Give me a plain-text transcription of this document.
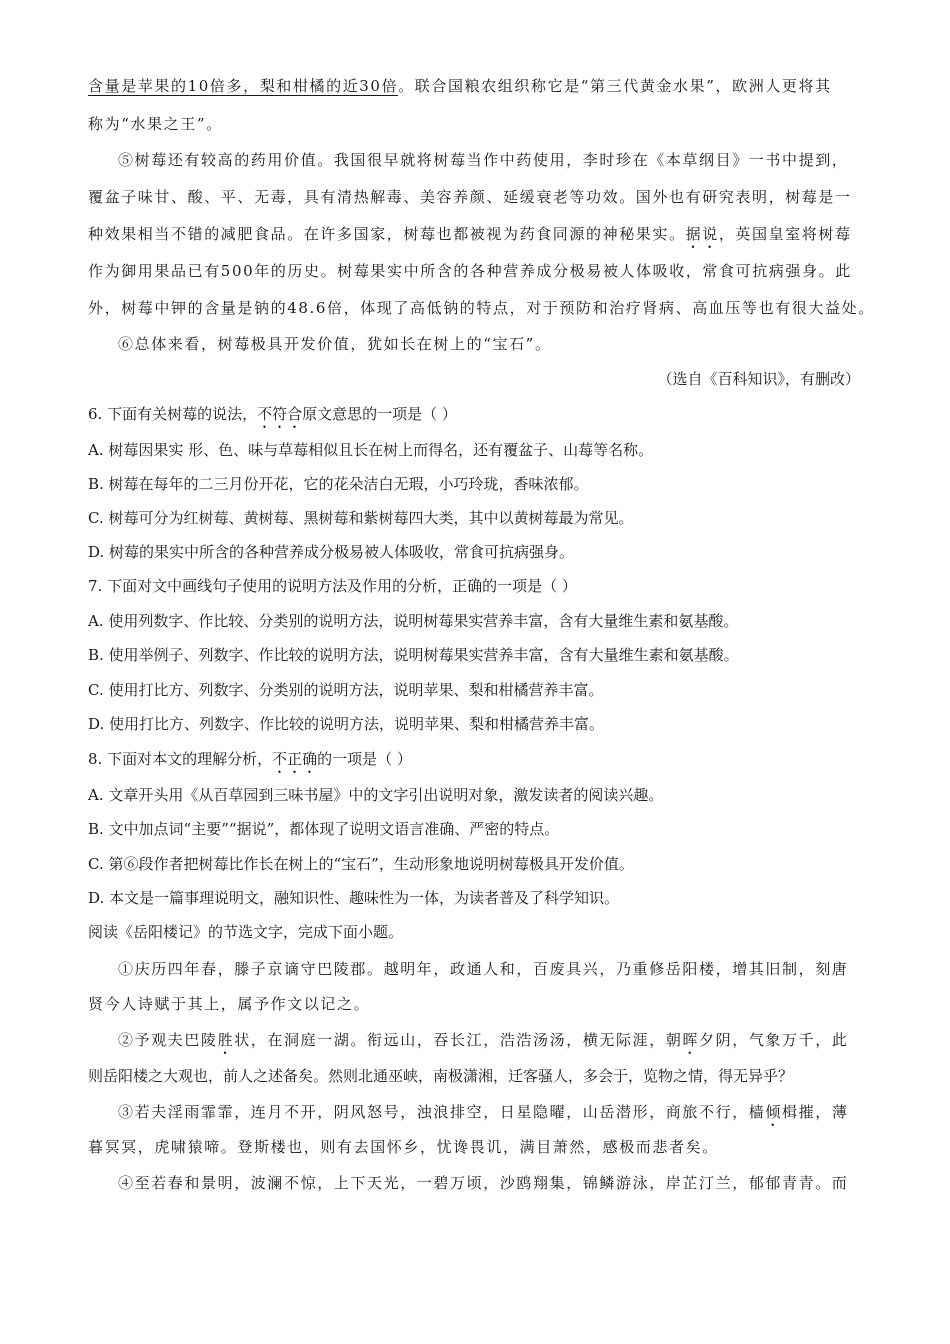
含量是苹果的10倍多，梨和柑橘的近30倍。联合国粮农组织称它是“第三代黄金水果”，欧洲人更将其
称为“水果之王”。
⑤树莓还有较高的药用价值。我国很早就将树莓当作中药使用，李时珍在《本草纲目》一书中提到，
覆盆子味甘、酸、平、无毒，具有清热解毒、美容养颜、延缓衰老等功效。国外也有研究表明，树莓是一
种效果相当不错的减肥食品。在许多国家，树莓也都被视为药食同源的神秘果实。据说，英国皇室将树莓
作为御用果品已有500年的历史。树莓果实中所含的各种营养成分极易被人体吸收，常食可抗病强身。此
外，树莓中钾的含量是钠的48.6倍，体现了高低钠的特点，对于预防和治疗肾病、高血压等也有很大益处。
⑥总体来看，树莓极具开发价值，犹如长在树上的“宝石”。
（选自《百科知识》，有删改）
6. 下面有关树莓的说法，不符合原文意思的一项是（ ）
A. 树莓因果实 形、色、味与草莓相似且长在树上而得名，还有覆盆子、山莓等名称。
B. 树莓在每年的二三月份开花，它的花朵洁白无瑕，小巧玲珑，香味浓郁。
C. 树莓可分为红树莓、黄树莓、黑树莓和紫树莓四大类，其中以黄树莓最为常见。
D. 树莓的果实中所含的各种营养成分极易被人体吸收，常食可抗病强身。
7. 下面对文中画线句子使用的说明方法及作用的分析，正确的一项是（ ）
A. 使用列数字、作比较、分类别的说明方法，说明树莓果实营养丰富，含有大量维生素和氨基酸。
B. 使用举例子、列数字、作比较的说明方法，说明树莓果实营养丰富，含有大量维生素和氨基酸。
C. 使用打比方、列数字、分类别的说明方法，说明苹果、梨和柑橘营养丰富。
D. 使用打比方、列数字、作比较的说明方法，说明苹果、梨和柑橘营养丰富。
8. 下面对本文的理解分析，不正确的一项是（ ）
A. 文章开头用《从百草园到三味书屋》中的文字引出说明对象，激发读者的阅读兴趣。
B. 文中加点词“主要”“据说”，都体现了说明文语言准确、严密的特点。
C. 第⑥段作者把树莓比作长在树上的“宝石”，生动形象地说明树莓极具开发价值。
D. 本文是一篇事理说明文，融知识性、趣味性为一体，为读者普及了科学知识。
阅读《岳阳楼记》的节选文字，完成下面小题。
①庆历四年春，滕子京谪守巴陵郡。越明年，政通人和，百废具兴，乃重修岳阳楼，增其旧制，刻唐
贤今人诗赋于其上，属予作文以记之。
②予观夫巴陵胜状，在洞庭一湖。衔远山，吞长江，浩浩汤汤，横无际涯，朝晖夕阴，气象万千，此
则岳阳楼之大观也，前人之述备矣。然则北通巫峡，南极潇湘，迁客骚人，多会于，览物之情，得无异乎？
③若夫淫雨霏霏，连月不开，阴风怒号，浊浪排空，日星隐曜，山岳潜形，商旅不行，樯倾楫摧，薄
暮冥冥，虎啸猿啼。登斯楼也，则有去国怀乡，忧谗畏讥，满目萧然，感极而悲者矣。
④至若春和景明，波澜不惊，上下天光，一碧万顷，沙鸥翔集，锦鳞游泳，岸芷汀兰，郁郁青青。而
